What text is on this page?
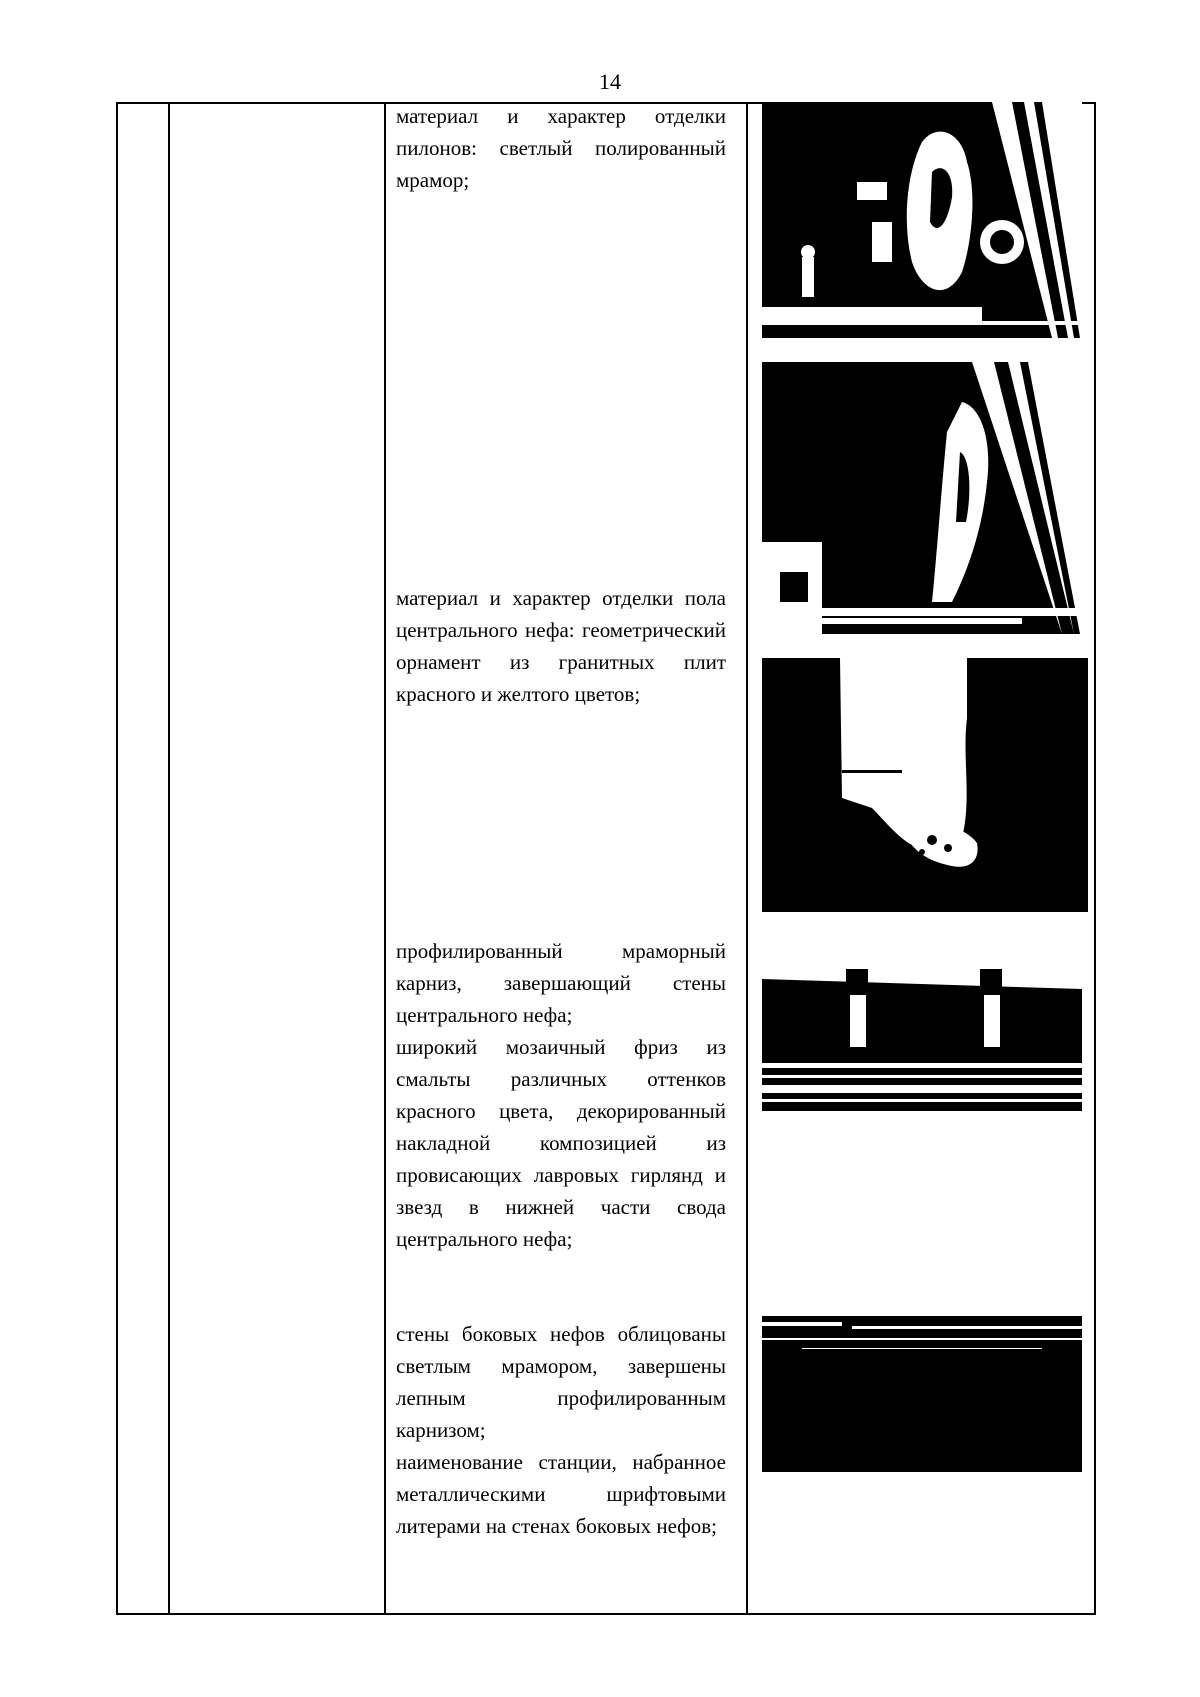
14

материал и характер отделки пилонов: светлый полированный мрамор;

материал и характер отделки пола центрального нефа: геометрический орнамент из гранитных плит красного и желтого цветов;

профилированный мраморный карниз, завершающий стены центрального нефа;

широкий мозаичный фриз из смальты различных оттенков красного цвета, декорированный накладной композицией из провисающих лавровых гирлянд и звезд в нижней части свода центрального нефа;

стены боковых нефов облицованы светлым мрамором, завершены лепным профилированным карнизом;

наименование станции, набранное металлическими шрифтовыми литерами на стенах боковых нефов;
